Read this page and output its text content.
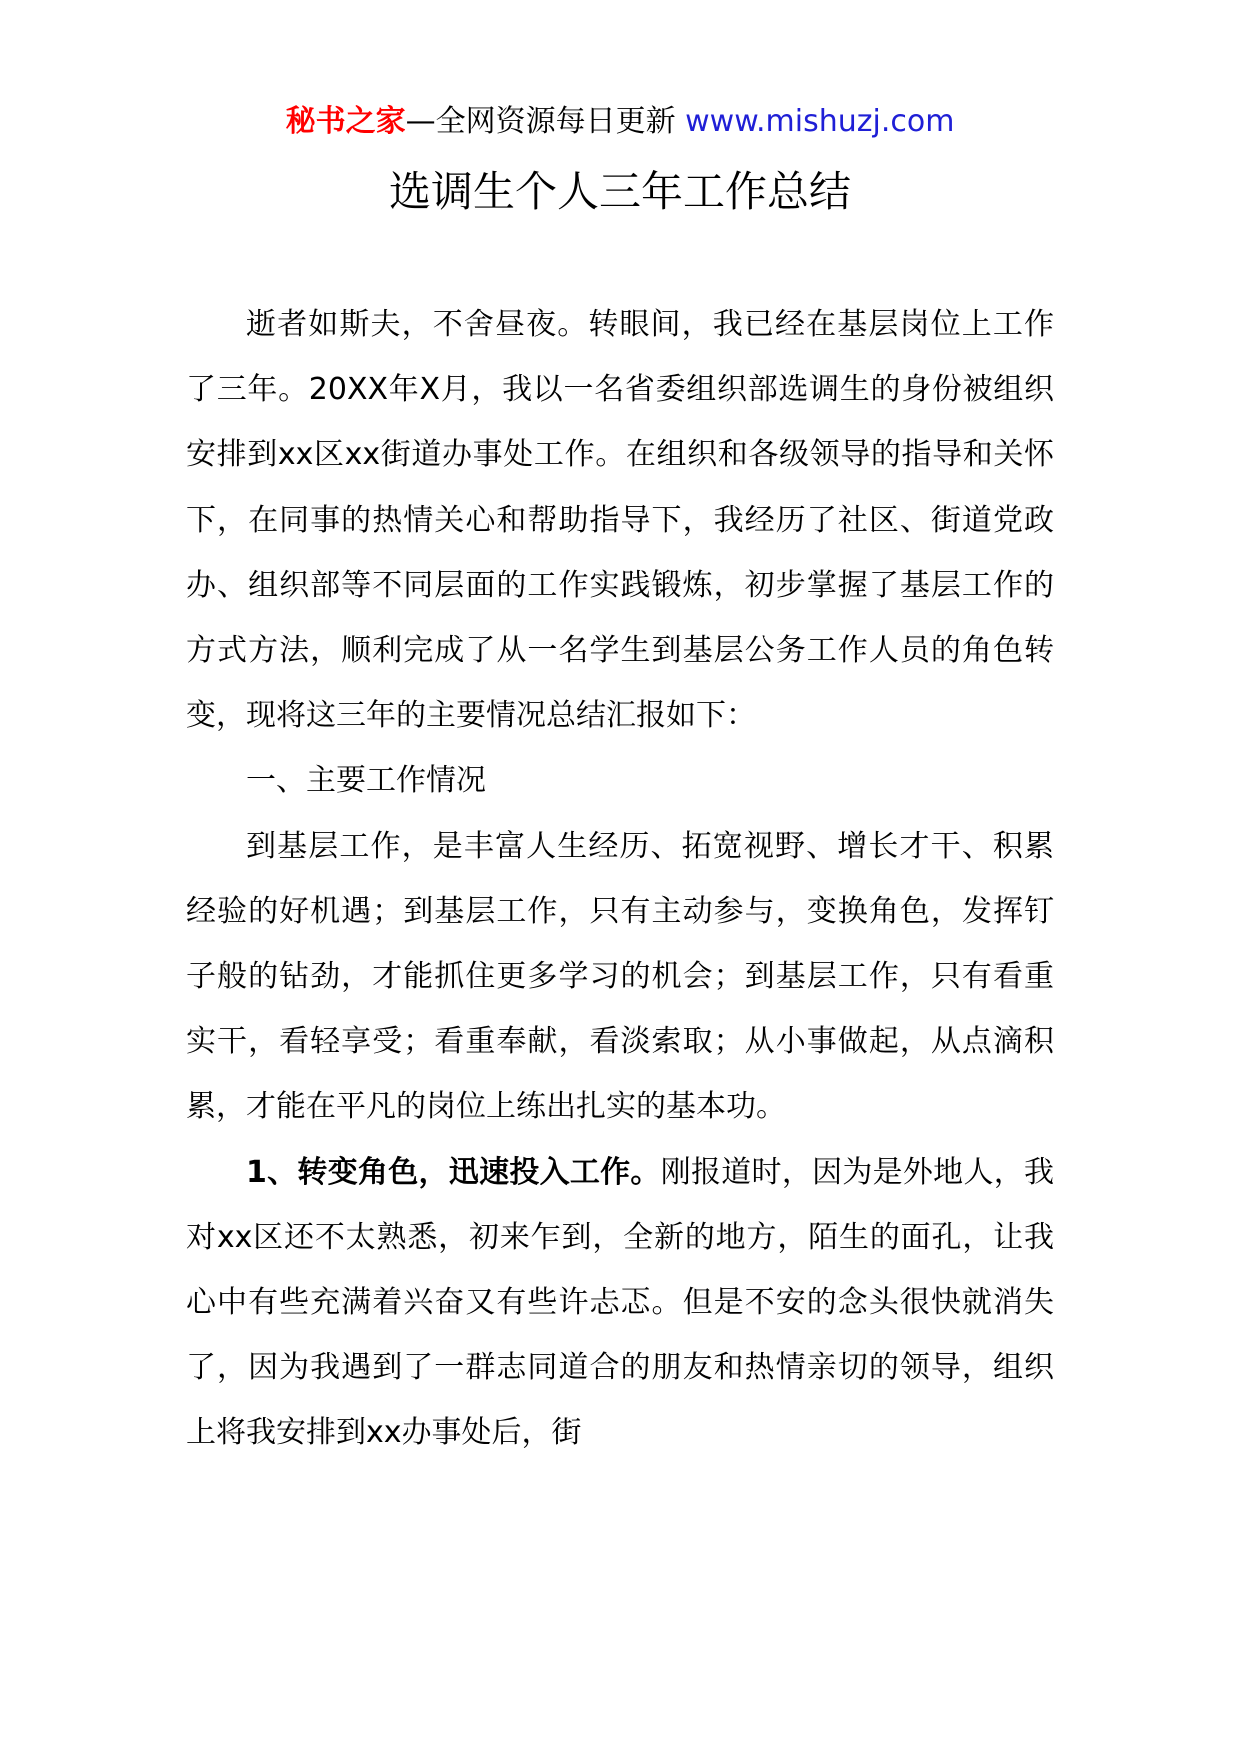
秘书之家—全网资源每日更新 www.mishuzj.com
选调生个人三年工作总结

逝者如斯夫，不舍昼夜。转眼间，我已经在基层岗位上工作了三年。20XX年X月，我以一名省委组织部选调生的身份被组织安排到xx区xx街道办事处工作。在组织和各级领导的指导和关怀下，在同事的热情关心和帮助指导下，我经历了社区、街道党政办、组织部等不同层面的工作实践锻炼，初步掌握了基层工作的方式方法，顺利完成了从一名学生到基层公务工作人员的角色转变，现将这三年的主要情况总结汇报如下：

一、主要工作情况

到基层工作，是丰富人生经历、拓宽视野、增长才干、积累经验的好机遇；到基层工作，只有主动参与，变换角色，发挥钉子般的钻劲，才能抓住更多学习的机会；到基层工作，只有看重实干，看轻享受；看重奉献，看淡索取；从小事做起，从点滴积累，才能在平凡的岗位上练出扎实的基本功。

1、转变角色，迅速投入工作。刚报道时，因为是外地人，我对xx区还不太熟悉，初来乍到，全新的地方，陌生的面孔，让我心中有些充满着兴奋又有些许忐忑。但是不安的念头很快就消失了，因为我遇到了一群志同道合的朋友和热情亲切的领导，组织上将我安排到xx办事处后，街
